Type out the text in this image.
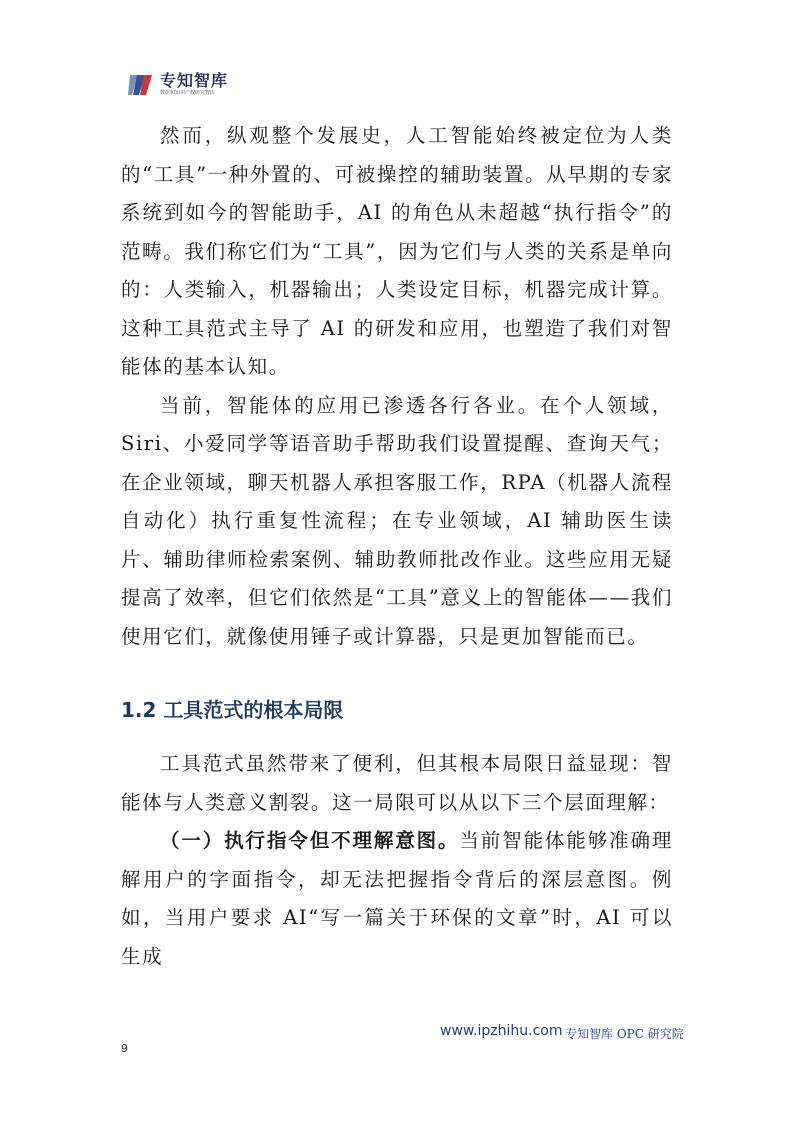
专知智库
数据和知识产权研究智库

然而，纵观整个发展史，人工智能始终被定位为人类的“工具”一种外置的、可被操控的辅助装置。从早期的专家系统到如今的智能助手，AI 的角色从未超越“执行指令”的范畴。我们称它们为“工具”，因为它们与人类的关系是单向的：人类输入，机器输出；人类设定目标，机器完成计算。这种工具范式主导了 AI 的研发和应用，也塑造了我们对智能体的基本认知。

当前，智能体的应用已渗透各行各业。在个人领域，Siri、小爱同学等语音助手帮助我们设置提醒、查询天气；在企业领域，聊天机器人承担客服工作，RPA（机器人流程自动化）执行重复性流程；在专业领域，AI 辅助医生读片、辅助律师检索案例、辅助教师批改作业。这些应用无疑提高了效率，但它们依然是“工具”意义上的智能体——我们使用它们，就像使用锤子或计算器，只是更加智能而已。

1.2 工具范式的根本局限

工具范式虽然带来了便利，但其根本局限日益显现：智能体与人类意义割裂。这一局限可以从以下三个层面理解：

（一）执行指令但不理解意图。当前智能体能够准确理解用户的字面指令，却无法把握指令背后的深层意图。例如，当用户要求 AI“写一篇关于环保的文章”时，AI 可以生成

www.ipzhihu.com 专知智库 OPC 研究院
9
